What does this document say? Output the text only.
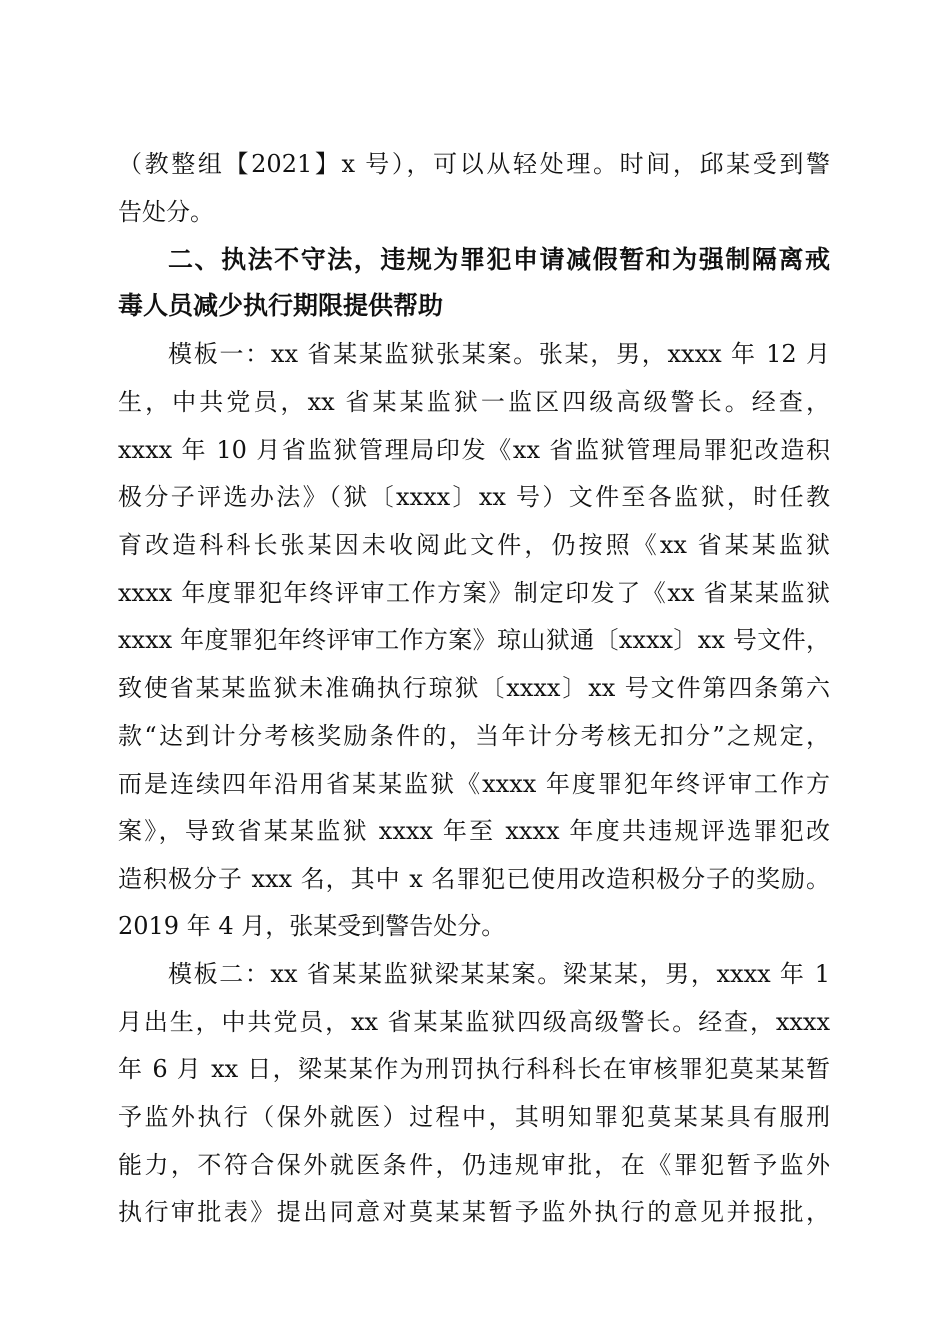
（教整组【2021】x 号），可以从轻处理。时间，邱某受到警
告处分。
二、执法不守法，违规为罪犯申请减假暂和为强制隔离戒
毒人员减少执行期限提供帮助
模板一：xx 省某某监狱张某案。张某，男，xxxx 年 12 月
生，中共党员，xx 省某某监狱一监区四级高级警长。经查，
xxxx 年 10 月省监狱管理局印发《xx 省监狱管理局罪犯改造积
极分子评选办法》（狱〔xxxx〕xx 号）文件至各监狱，时任教
育改造科科长张某因未收阅此文件，仍按照《xx 省某某监狱
xxxx 年度罪犯年终评审工作方案》制定印发了《xx 省某某监狱
xxxx 年度罪犯年终评审工作方案》琼山狱通〔xxxx〕xx 号文件，
致使省某某监狱未准确执行琼狱〔xxxx〕xx 号文件第四条第六
款“达到计分考核奖励条件的，当年计分考核无扣分”之规定，
而是连续四年沿用省某某监狱《xxxx 年度罪犯年终评审工作方
案》，导致省某某监狱 xxxx 年至 xxxx 年度共违规评选罪犯改
造积极分子 xxx 名，其中 x 名罪犯已使用改造积极分子的奖励。
2019 年 4 月，张某受到警告处分。
模板二：xx 省某某监狱梁某某案。梁某某，男，xxxx 年 1
月出生，中共党员，xx 省某某监狱四级高级警长。经查，xxxx
年 6 月 xx 日，梁某某作为刑罚执行科科长在审核罪犯莫某某暂
予监外执行（保外就医）过程中，其明知罪犯莫某某具有服刑
能力，不符合保外就医条件，仍违规审批，在《罪犯暂予监外
执行审批表》提出同意对莫某某暂予监外执行的意见并报批，
